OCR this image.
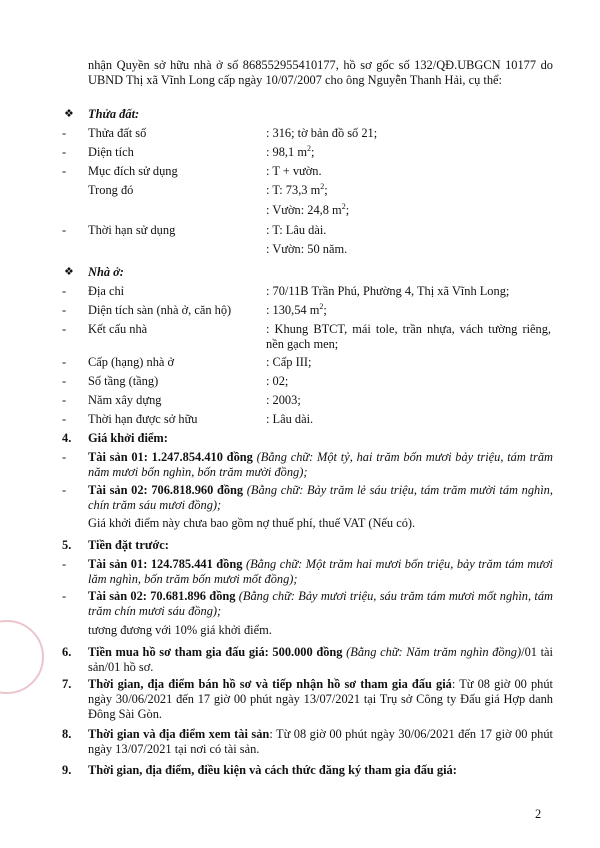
nhận Quyền sở hữu nhà ở số 868552955410177, hồ sơ gốc số 132/QĐ.UBGCN 10177 do UBND Thị xã Vĩnh Long cấp ngày 10/07/2007 cho ông Nguyễn Thanh Hải, cụ thể:
❖ Thửa đất:
- Thửa đất số	: 316; tờ bản đồ số 21;
- Diện tích	: 98,1 $m^2$;
- Mục đích sử dụng	: T + vườn.
Trong đó	: T: 73,3 $m^2$;
: Vườn: 24,8 $m^2$;
- Thời hạn sử dụng	: T: Lâu dài.
: Vườn: 50 năm.
❖ Nhà ở:
- Địa chỉ	: 70/11B Trần Phú, Phường 4, Thị xã Vĩnh Long;
- Diện tích sàn (nhà ở, căn hộ)	: 130,54 $m^2$;
- Kết cấu nhà	: Khung BTCT, mái tole, trần nhựa, vách tường riêng, nền gạch men;
- Cấp (hạng) nhà ở	: Cấp III;
- Số tầng (tầng)	: 02;
- Năm xây dựng	: 2003;
- Thời hạn được sở hữu	: Lâu dài.
4. Giá khởi điểm:
- Tài sản 01: 1.247.854.410 đồng (Bằng chữ: Một tỷ, hai trăm bốn mươi bảy triệu, tám trăm năm mươi bốn nghìn, bốn trăm mười đồng);
- Tài sản 02: 706.818.960 đồng (Bằng chữ: Bảy trăm lẻ sáu triệu, tám trăm mười tám nghìn, chín trăm sáu mươi đồng);
Giá khởi điểm này chưa bao gồm nợ thuế phí, thuế VAT (Nếu có).
5. Tiền đặt trước:
- Tài sản 01: 124.785.441 đồng (Bằng chữ: Một trăm hai mươi bốn triệu, bảy trăm tám mươi lăm nghìn, bốn trăm bốn mươi mốt đồng);
- Tài sản 02: 70.681.896 đồng (Bằng chữ: Bảy mươi triệu, sáu trăm tám mươi mốt nghìn, tám trăm chín mươi sáu đồng);
tương đương với 10% giá khởi điểm.
6. Tiền mua hồ sơ tham gia đấu giá: 500.000 đồng (Bằng chữ: Năm trăm nghìn đồng)/01 tài sản/01 hồ sơ.
7. Thời gian, địa điểm bán hồ sơ và tiếp nhận hồ sơ tham gia đấu giá: Từ 08 giờ 00 phút ngày 30/06/2021 đến 17 giờ 00 phút ngày 13/07/2021 tại Trụ sở Công ty Đấu giá Hợp danh Đông Sài Gòn.
8. Thời gian và địa điểm xem tài sản: Từ 08 giờ 00 phút ngày 30/06/2021 đến 17 giờ 00 phút ngày 13/07/2021 tại nơi có tài sản.
9. Thời gian, địa điểm, điều kiện và cách thức đăng ký tham gia đấu giá:
2
